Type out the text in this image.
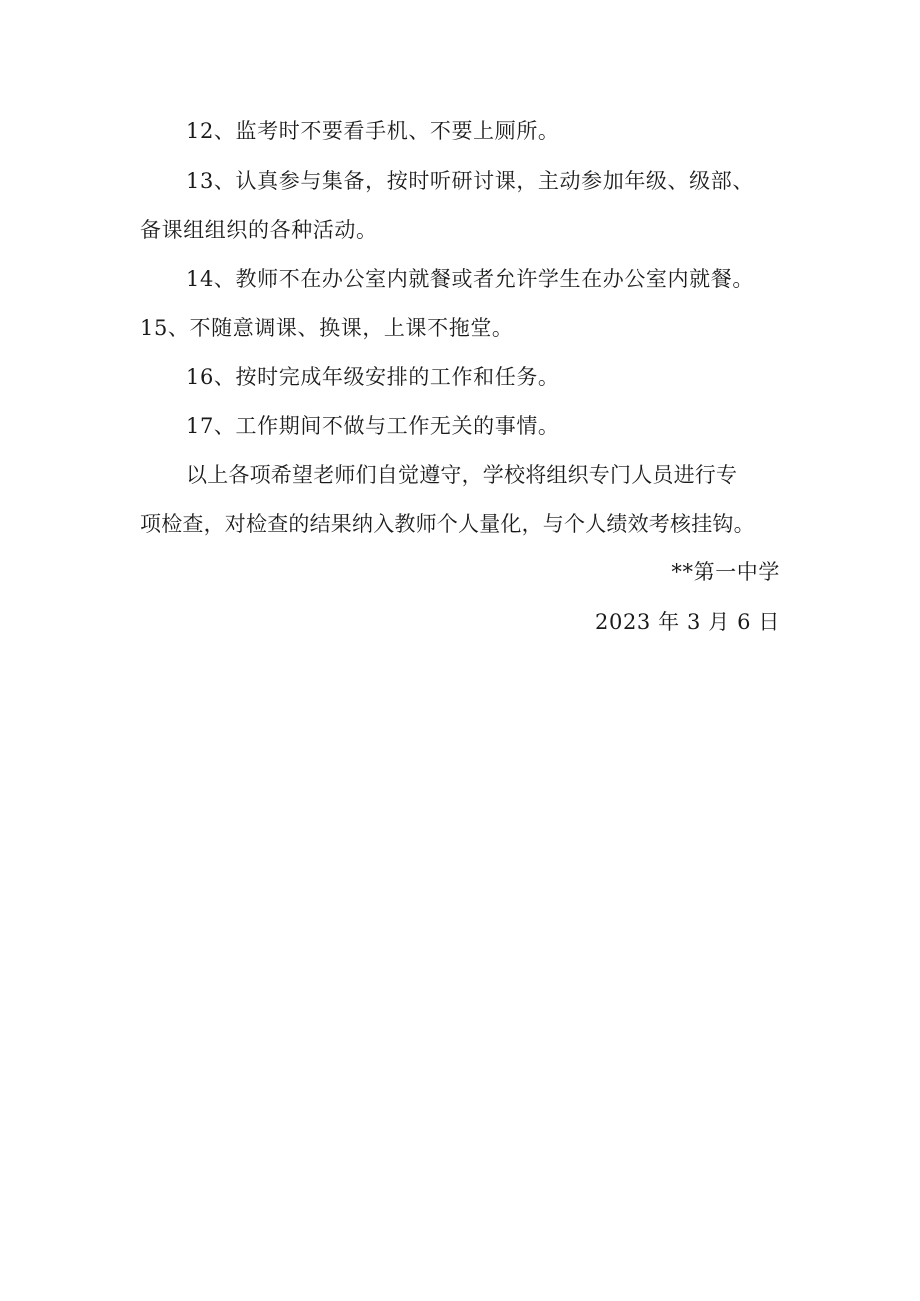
12、监考时不要看手机、不要上厕所。
13、认真参与集备，按时听研讨课，主动参加年级、级部、
备课组组织的各种活动。
14、教师不在办公室内就餐或者允许学生在办公室内就餐。
15、不随意调课、换课，上课不拖堂。
16、按时完成年级安排的工作和任务。
17、工作期间不做与工作无关的事情。
以上各项希望老师们自觉遵守，学校将组织专门人员进行专
项检查，对检查的结果纳入教师个人量化，与个人绩效考核挂钩。
**第一中学
2023 年 3 月 6 日
